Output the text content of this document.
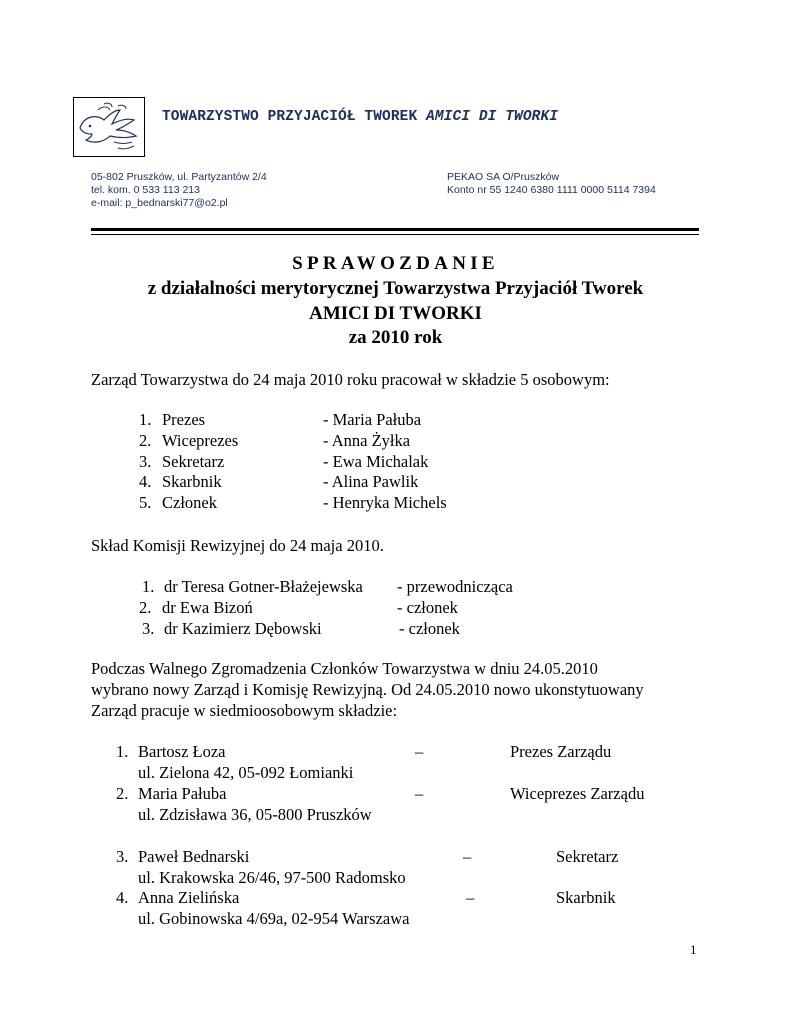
TOWARZYSTWO PRZYJACIÓŁ TWOREK AMICI DI TWORKI
05-802 Pruszków, ul. Partyzantów 2/4
tel. kom. 0 533 113 213
e-mail: p_bednarski77@o2.pl
PEKAO SA O/Pruszków
Konto nr 55 1240 6380 1111 0000 5114 7394
SPRAWOZDANIE
z działalności merytorycznej Towarzystwa Przyjaciół Tworek
AMICI DI TWORKI
za 2010 rok
Zarząd Towarzystwa do 24 maja 2010 roku pracował w składzie 5 osobowym:
1. Prezes	- Maria Pałuba
2. Wiceprezes	- Anna Żyłka
3. Sekretarz	- Ewa Michalak
4. Skarbnik	- Alina Pawlik
5. Członek	- Henryka Michels
Skład Komisji Rewizyjnej do 24 maja 2010.
1. dr Teresa Gotner-Błażejewska - przewodnicząca
2. dr Ewa Bizoń	- członek
3. dr Kazimierz Dębowski	- członek
Podczas Walnego Zgromadzenia Członków Towarzystwa w dniu 24.05.2010
wybrano nowy Zarząd i Komisję Rewizyjną. Od 24.05.2010 nowo ukonstytuowany
Zarząd pracuje w siedmioosobowym składzie:
1. Bartosz Łoza	–	Prezes Zarządu
ul. Zielona 42, 05-092 Łomianki
2. Maria Pałuba	–	Wiceprezes Zarządu
ul. Zdzisława 36, 05-800 Pruszków
3. Paweł Bednarski	–	Sekretarz
ul. Krakowska 26/46, 97-500 Radomsko
4. Anna Zielińska	–	Skarbnik
ul. Gobinowska 4/69a, 02-954 Warszawa
1
